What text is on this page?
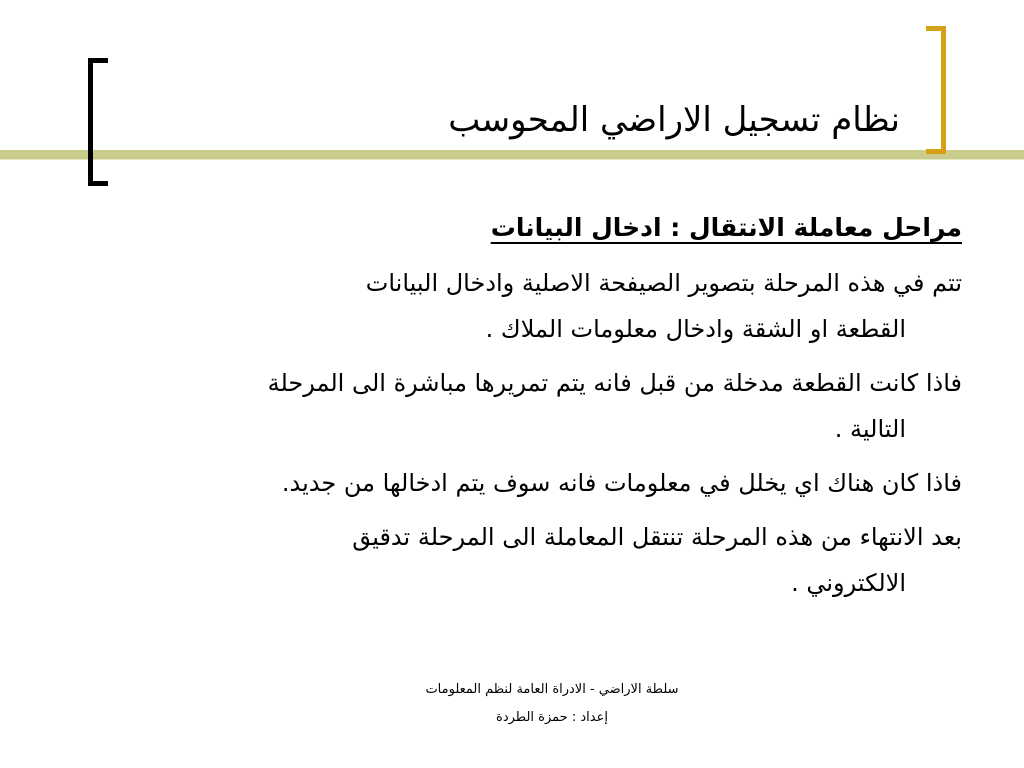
نظام تسجيل الاراضي المحوسب

مراحل معاملة الانتقال : ادخال البيانات

تتم في هذه المرحلة بتصوير الصيفحة الاصلية وادخال البيانات
القطعة او الشقة وادخال معلومات الملاك .

فاذا كانت القطعة مدخلة من قبل فانه يتم تمريرها مباشرة الى المرحلة
التالية .

فاذا كان هناك اي يخلل في معلومات فانه سوف يتم ادخالها من جديد.

بعد الانتهاء من هذه المرحلة تنتقل المعاملة الى المرحلة تدقيق
الالكتروني .

سلطة الاراضي - الادراة العامة لنظم المعلومات
إعداد : حمزة الطردة
